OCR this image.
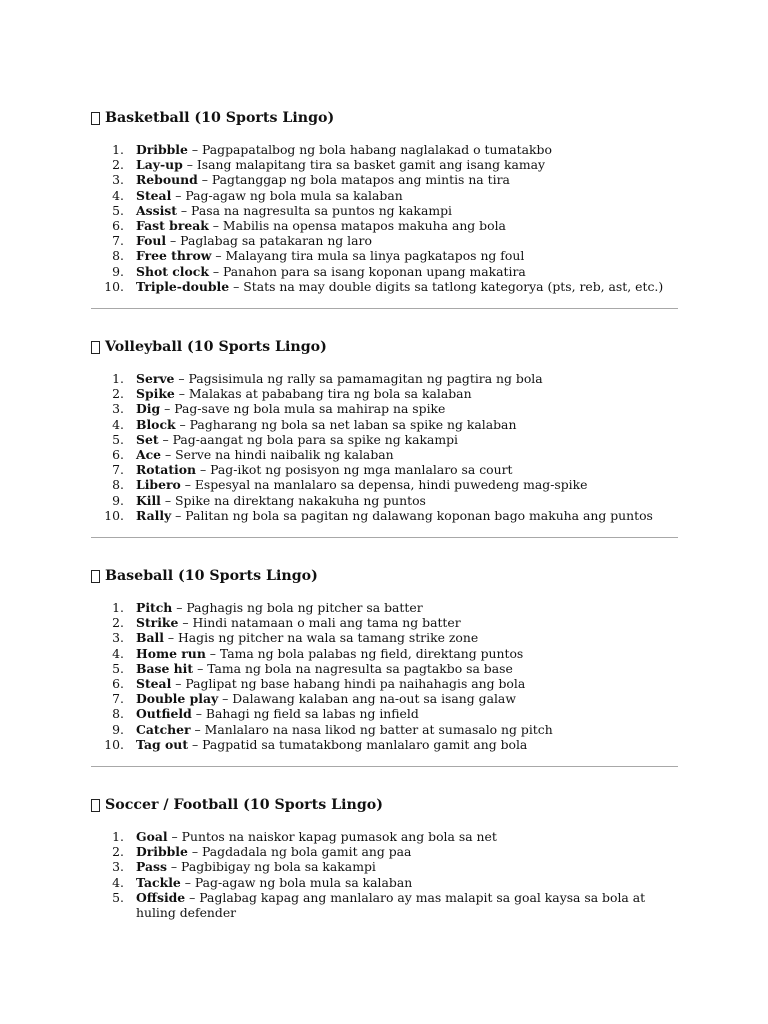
Basketball (10 Sports Lingo)
1. Dribble – Pagpapatalbog ng bola habang naglalakad o tumatakbo
2. Lay-up – Isang malapitang tira sa basket gamit ang isang kamay
3. Rebound – Pagtanggap ng bola matapos ang mintis na tira
4. Steal – Pag-agaw ng bola mula sa kalaban
5. Assist – Pasa na nagresulta sa puntos ng kakampi
6. Fast break – Mabilis na opensa matapos makuha ang bola
7. Foul – Paglabag sa patakaran ng laro
8. Free throw – Malayang tira mula sa linya pagkatapos ng foul
9. Shot clock – Panahon para sa isang koponan upang makatira
10. Triple-double – Stats na may double digits sa tatlong kategorya (pts, reb, ast, etc.)
Volleyball (10 Sports Lingo)
1. Serve – Pagsisimula ng rally sa pamamagitan ng pagtira ng bola
2. Spike – Malakas at pababang tira ng bola sa kalaban
3. Dig – Pag-save ng bola mula sa mahirap na spike
4. Block – Pagharang ng bola sa net laban sa spike ng kalaban
5. Set – Pag-aangat ng bola para sa spike ng kakampi
6. Ace – Serve na hindi naibalik ng kalaban
7. Rotation – Pag-ikot ng posisyon ng mga manlalaro sa court
8. Libero – Espesyal na manlalaro sa depensa, hindi puwedeng mag-spike
9. Kill – Spike na direktang nakakuha ng puntos
10. Rally – Palitan ng bola sa pagitan ng dalawang koponan bago makuha ang puntos
Baseball (10 Sports Lingo)
1. Pitch – Paghagis ng bola ng pitcher sa batter
2. Strike – Hindi natamaan o mali ang tama ng batter
3. Ball – Hagis ng pitcher na wala sa tamang strike zone
4. Home run – Tama ng bola palabas ng field, direktang puntos
5. Base hit – Tama ng bola na nagresulta sa pagtakbo sa base
6. Steal – Paglipat ng base habang hindi pa naihahagis ang bola
7. Double play – Dalawang kalaban ang na-out sa isang galaw
8. Outfield – Bahagi ng field sa labas ng infield
9. Catcher – Manlalaro na nasa likod ng batter at sumasalo ng pitch
10. Tag out – Pagpatid sa tumatakbong manlalaro gamit ang bola
Soccer / Football (10 Sports Lingo)
1. Goal – Puntos na naiskor kapag pumasok ang bola sa net
2. Dribble – Pagdadala ng bola gamit ang paa
3. Pass – Pagbibigay ng bola sa kakampi
4. Tackle – Pag-agaw ng bola mula sa kalaban
5. Offside – Paglabag kapag ang manlalaro ay mas malapit sa goal kaysa sa bola at huling defender
